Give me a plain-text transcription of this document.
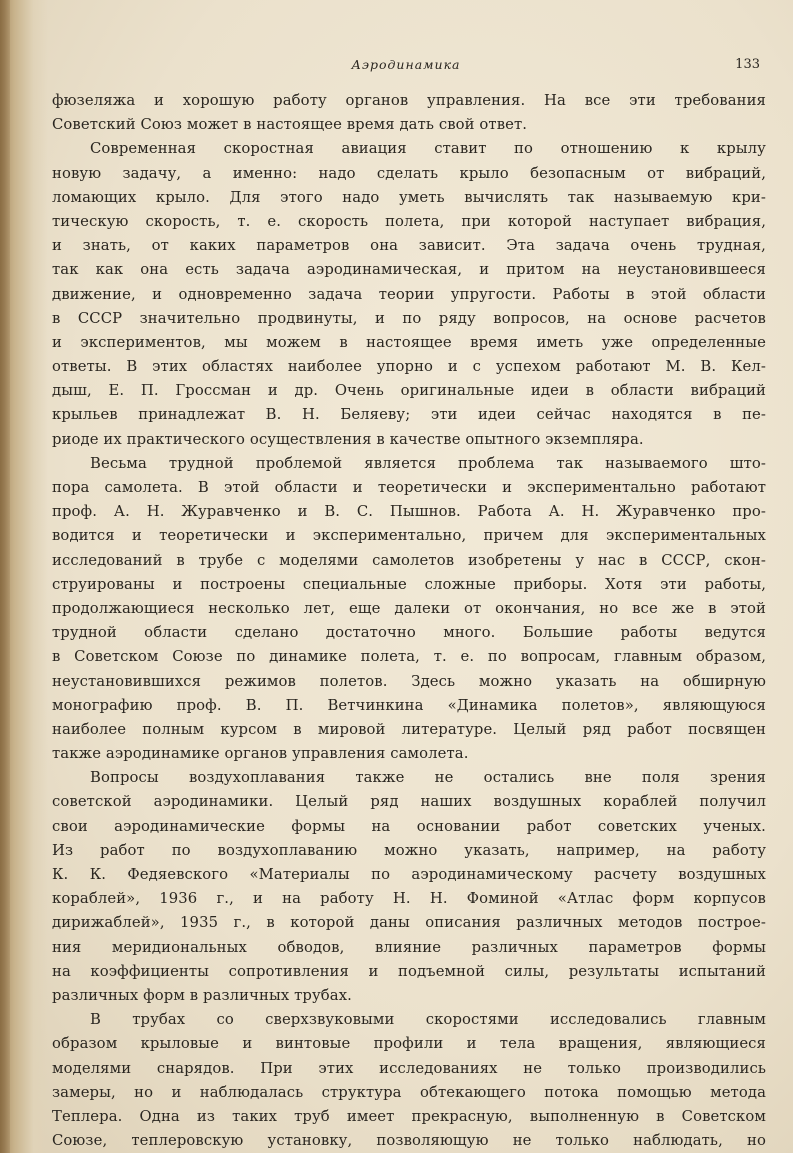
Аэродинамика	133
фюзеляжа и хорошую работу органов управления. На все эти требования
Советский Союз может в настоящее время дать свой ответ.
Современная скоростная авиация ставит по отношению к крылу
новую задачу, а именно: надо сделать крыло безопасным от вибраций,
ломающих крыло. Для этого надо уметь вычислять так называемую кри-
тическую скорость, т. е. скорость полета, при которой наступает вибрация,
и знать, от каких параметров она зависит. Эта задача очень трудная,
так как она есть задача аэродинамическая, и притом на неустановившееся
движение, и одновременно задача теории упругости. Работы в этой области
в СССР значительно продвинуты, и по ряду вопросов, на основе расчетов
и экспериментов, мы можем в настоящее время иметь уже определенные
ответы. В этих областях наиболее упорно и с успехом работают М. В. Кел-
дыш, Е. П. Гроссман и др. Очень оригинальные идеи в области вибраций
крыльев принадлежат В. Н. Беляеву; эти идеи сейчас находятся в пе-
риоде их практического осуществления в качестве опытного экземпляра.
Весьма трудной проблемой является проблема так называемого што-
пора самолета. В этой области и теоретически и экспериментально работают
проф. А. Н. Журавченко и В. С. Пышнов. Работа А. Н. Журавченко про-
водится и теоретически и экспериментально, причем для экспериментальных
исследований в трубе с моделями самолетов изобретены у нас в СССР, скон-
струированы и построены специальные сложные приборы. Хотя эти работы,
продолжающиеся несколько лет, еще далеки от окончания, но все же в этой
трудной области сделано достаточно много. Большие работы ведутся
в Советском Союзе по динамике полета, т. е. по вопросам, главным образом,
неустановившихся режимов полетов. Здесь можно указать на обширную
монографию проф. В. П. Ветчинкина «Динамика полетов», являющуюся
наиболее полным курсом в мировой литературе. Целый ряд работ посвящен
также аэродинамике органов управления самолета.
Вопросы воздухоплавания также не остались вне поля зрения
советской аэродинамики. Целый ряд наших воздушных кораблей получил
свои аэродинамические формы на основании работ советских ученых.
Из работ по воздухоплаванию можно указать, например, на работу
К. К. Федяевского «Материалы по аэродинамическому расчету воздушных
кораблей», 1936 г., и на работу Н. Н. Фоминой «Атлас форм корпусов
дирижаблей», 1935 г., в которой даны описания различных методов построе-
ния меридиональных обводов, влияние различных параметров формы
на коэффициенты сопротивления и подъемной силы, результаты испытаний
различных форм в различных трубах.
В трубах со сверхзвуковыми скоростями исследовались главным
образом крыловые и винтовые профили и тела вращения, являющиеся
моделями снарядов. При этих исследованиях не только производились
замеры, но и наблюдалась структура обтекающего потока помощью метода
Теплера. Одна из таких труб имеет прекрасную, выполненную в Советском
Союзе, теплеровскую установку, позволяющую не только наблюдать, но
